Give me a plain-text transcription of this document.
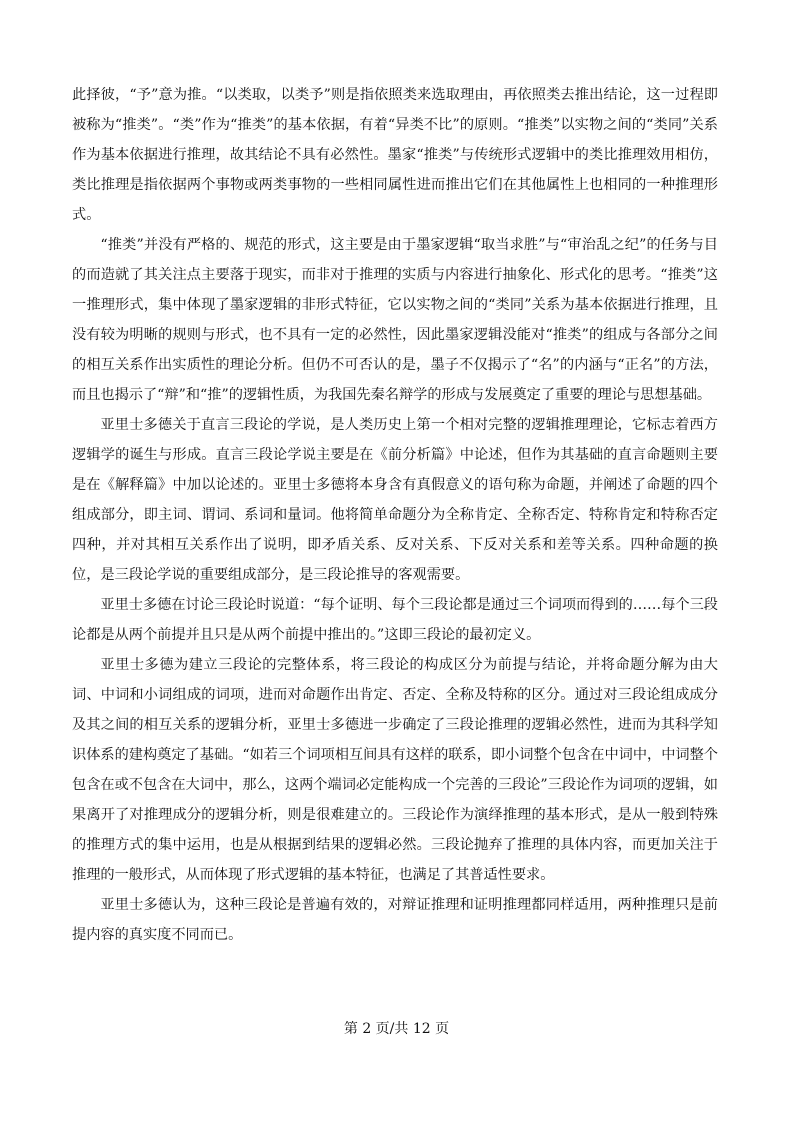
此择彼，“予”意为推。“以类取，以类予”则是指依照类来选取理由，再依照类去推出结论，这一过程即被称为“推类”。“类”作为“推类”的基本依据，有着“异类不比”的原则。“推类”以实物之间的“类同”关系作为基本依据进行推理，故其结论不具有必然性。墨家“推类”与传统形式逻辑中的类比推理效用相仿，类比推理是指依据两个事物或两类事物的一些相同属性进而推出它们在其他属性上也相同的一种推理形式。

“推类”并没有严格的、规范的形式，这主要是由于墨家逻辑“取当求胜”与“审治乱之纪”的任务与目的而造就了其关注点主要落于现实，而非对于推理的实质与内容进行抽象化、形式化的思考。“推类”这一推理形式，集中体现了墨家逻辑的非形式特征，它以实物之间的“类同”关系为基本依据进行推理，且没有较为明晰的规则与形式，也不具有一定的必然性，因此墨家逻辑没能对“推类”的组成与各部分之间的相互关系作出实质性的理论分析。但仍不可否认的是，墨子不仅揭示了“名”的内涵与“正名”的方法，而且也揭示了“辩”和“推”的逻辑性质，为我国先秦名辩学的形成与发展奠定了重要的理论与思想基础。

亚里士多德关于直言三段论的学说，是人类历史上第一个相对完整的逻辑推理理论，它标志着西方逻辑学的诞生与形成。直言三段论学说主要是在《前分析篇》中论述，但作为其基础的直言命题则主要是在《解释篇》中加以论述的。亚里士多德将本身含有真假意义的语句称为命题，并阐述了命题的四个组成部分，即主词、谓词、系词和量词。他将简单命题分为全称肯定、全称否定、特称肯定和特称否定四种，并对其相互关系作出了说明，即矛盾关系、反对关系、下反对关系和差等关系。四种命题的换位，是三段论学说的重要组成部分，是三段论推导的客观需要。

亚里士多德在讨论三段论时说道：“每个证明、每个三段论都是通过三个词项而得到的……每个三段论都是从两个前提并且只是从两个前提中推出的。”这即三段论的最初定义。

亚里士多德为建立三段论的完整体系，将三段论的构成区分为前提与结论，并将命题分解为由大词、中词和小词组成的词项，进而对命题作出肯定、否定、全称及特称的区分。通过对三段论组成成分及其之间的相互关系的逻辑分析，亚里士多德进一步确定了三段论推理的逻辑必然性，进而为其科学知识体系的建构奠定了基础。“如若三个词项相互间具有这样的联系，即小词整个包含在中词中，中词整个包含在或不包含在大词中，那么，这两个端词必定能构成一个完善的三段论”三段论作为词项的逻辑，如果离开了对推理成分的逻辑分析，则是很难建立的。三段论作为演绎推理的基本形式，是从一般到特殊的推理方式的集中运用，也是从根据到结果的逻辑必然。三段论抛弃了推理的具体内容，而更加关注于推理的一般形式，从而体现了形式逻辑的基本特征，也满足了其普适性要求。

亚里士多德认为，这种三段论是普遍有效的，对辩证推理和证明推理都同样适用，两种推理只是前提内容的真实度不同而已。

第 2 页/共 12 页
